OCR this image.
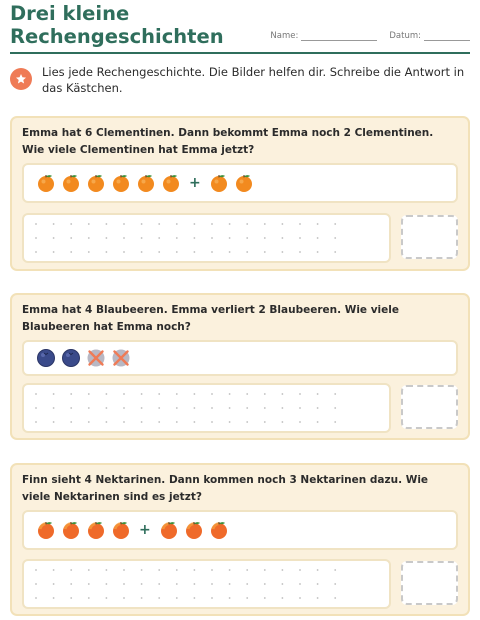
Drei kleine
Rechengeschichten	Name:	Datum:
Lies jede Rechengeschichte. Die Bilder helfen dir. Schreibe die Antwort in das Kästchen.
Emma hat 6 Clementinen. Dann bekommt Emma noch 2 Clementinen. Wie viele Clementinen hat Emma jetzt?
+
Emma hat 4 Blaubeeren. Emma verliert 2 Blaubeeren. Wie viele Blaubeeren hat Emma noch?
Finn sieht 4 Nektarinen. Dann kommen noch 3 Nektarinen dazu. Wie viele Nektarinen sind es jetzt?
+
